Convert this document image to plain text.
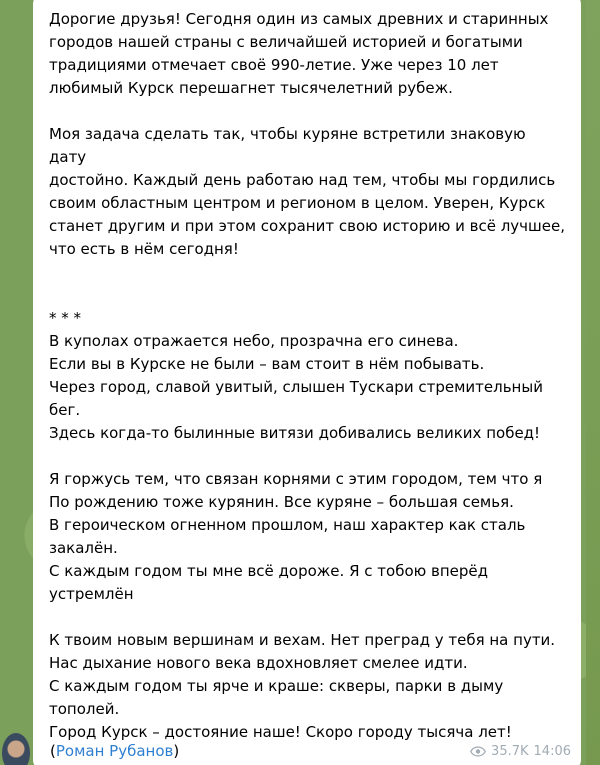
Дорогие друзья! Сегодня один из самых древних и старинных
городов нашей страны с величайшей историей и богатыми
традициями отмечает своё 990-летие. Уже через 10 лет
любимый Курск перешагнет тысячелетний рубеж.
Моя задача сделать так, чтобы куряне встретили знаковую дату
достойно. Каждый день работаю над тем, чтобы мы гордились
своим областным центром и регионом в целом. Уверен, Курск
станет другим и при этом сохранит свою историю и всё лучшее,
что есть в нём сегодня!
* * *
В куполах отражается небо, прозрачна его синева.
Если вы в Курске не были – вам стоит в нём побывать.
Через город, славой увитый, слышен Тускари стремительный
бег.
Здесь когда-то былинные витязи добивались великих побед!
Я горжусь тем, что связан корнями с этим городом, тем что я
По рождению тоже курянин. Все куряне – большая семья.
В героическом огненном прошлом, наш характер как сталь
закалён.
С каждым годом ты мне всё дороже. Я с тобою вперёд
устремлён
К твоим новым вершинам и вехам. Нет преград у тебя на пути.
Нас дыхание нового века вдохновляет смелее идти.
С каждым годом ты ярче и краше: скверы, парки в дыму
тополей.
Город Курск – достояние наше! Скоро городу тысяча лет!
(Роман Рубанов)	35.7K 14:06
